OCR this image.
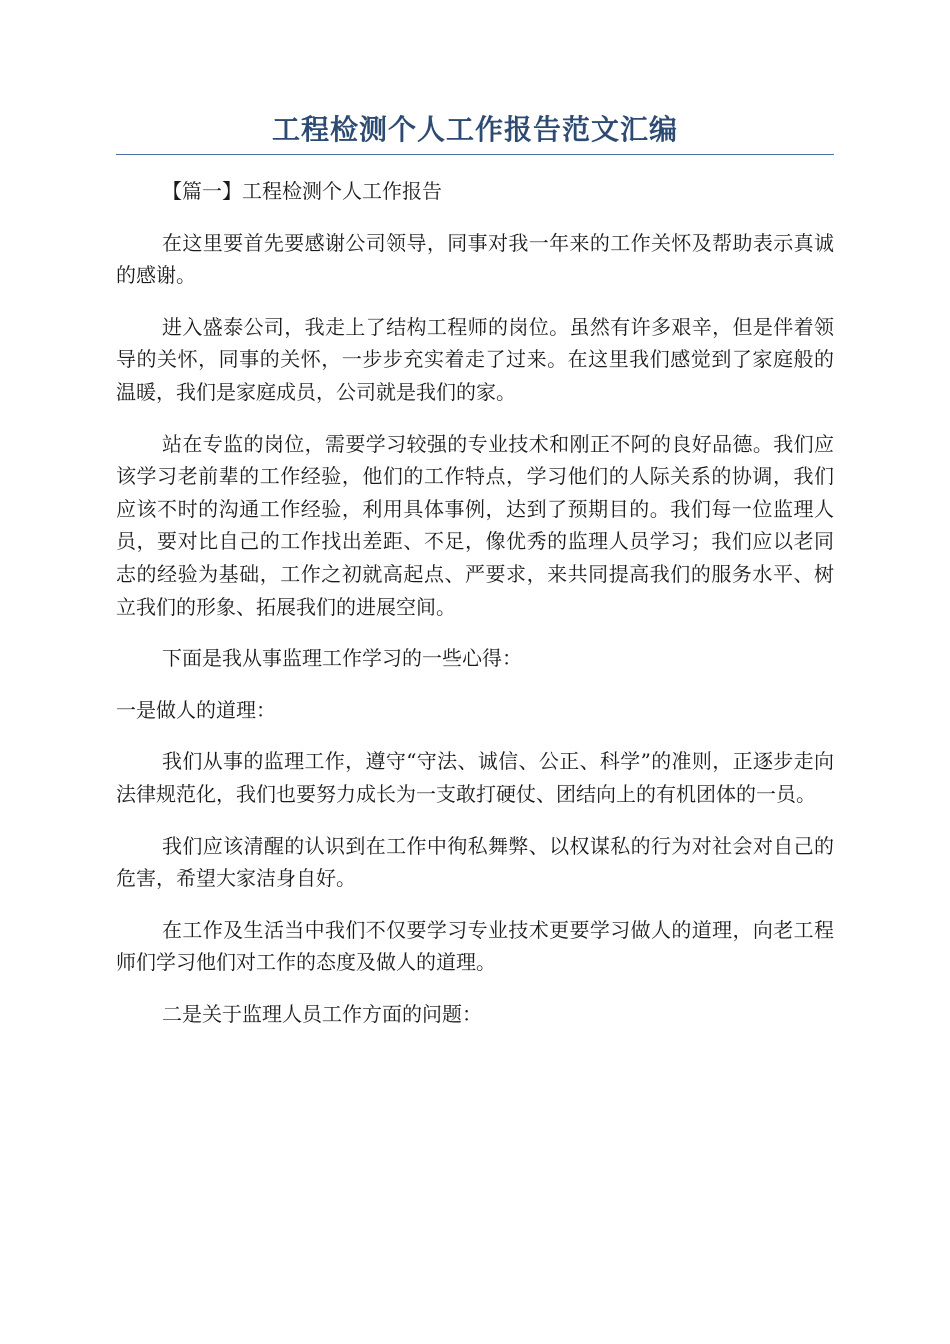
工程检测个人工作报告范文汇编

【篇一】工程检测个人工作报告

在这里要首先要感谢公司领导，同事对我一年来的工作关怀及帮助表示真诚的感谢。

进入盛泰公司，我走上了结构工程师的岗位。虽然有许多艰辛，但是伴着领导的关怀，同事的关怀，一步步充实着走了过来。在这里我们感觉到了家庭般的温暖，我们是家庭成员，公司就是我们的家。

站在专监的岗位，需要学习较强的专业技术和刚正不阿的良好品德。我们应该学习老前辈的工作经验，他们的工作特点，学习他们的人际关系的协调，我们应该不时的沟通工作经验，利用具体事例，达到了预期目的。我们每一位监理人员，要对比自己的工作找出差距、不足，像优秀的监理人员学习；我们应以老同志的经验为基础，工作之初就高起点、严要求，来共同提高我们的服务水平、树立我们的形象、拓展我们的进展空间。

下面是我从事监理工作学习的一些心得：

一是做人的道理：

我们从事的监理工作，遵守“守法、诚信、公正、科学”的准则，正逐步走向法律规范化，我们也要努力成长为一支敢打硬仗、团结向上的有机团体的一员。

我们应该清醒的认识到在工作中徇私舞弊、以权谋私的行为对社会对自己的危害，希望大家洁身自好。

在工作及生活当中我们不仅要学习专业技术更要学习做人的道理，向老工程师们学习他们对工作的态度及做人的道理。

二是关于监理人员工作方面的问题：
